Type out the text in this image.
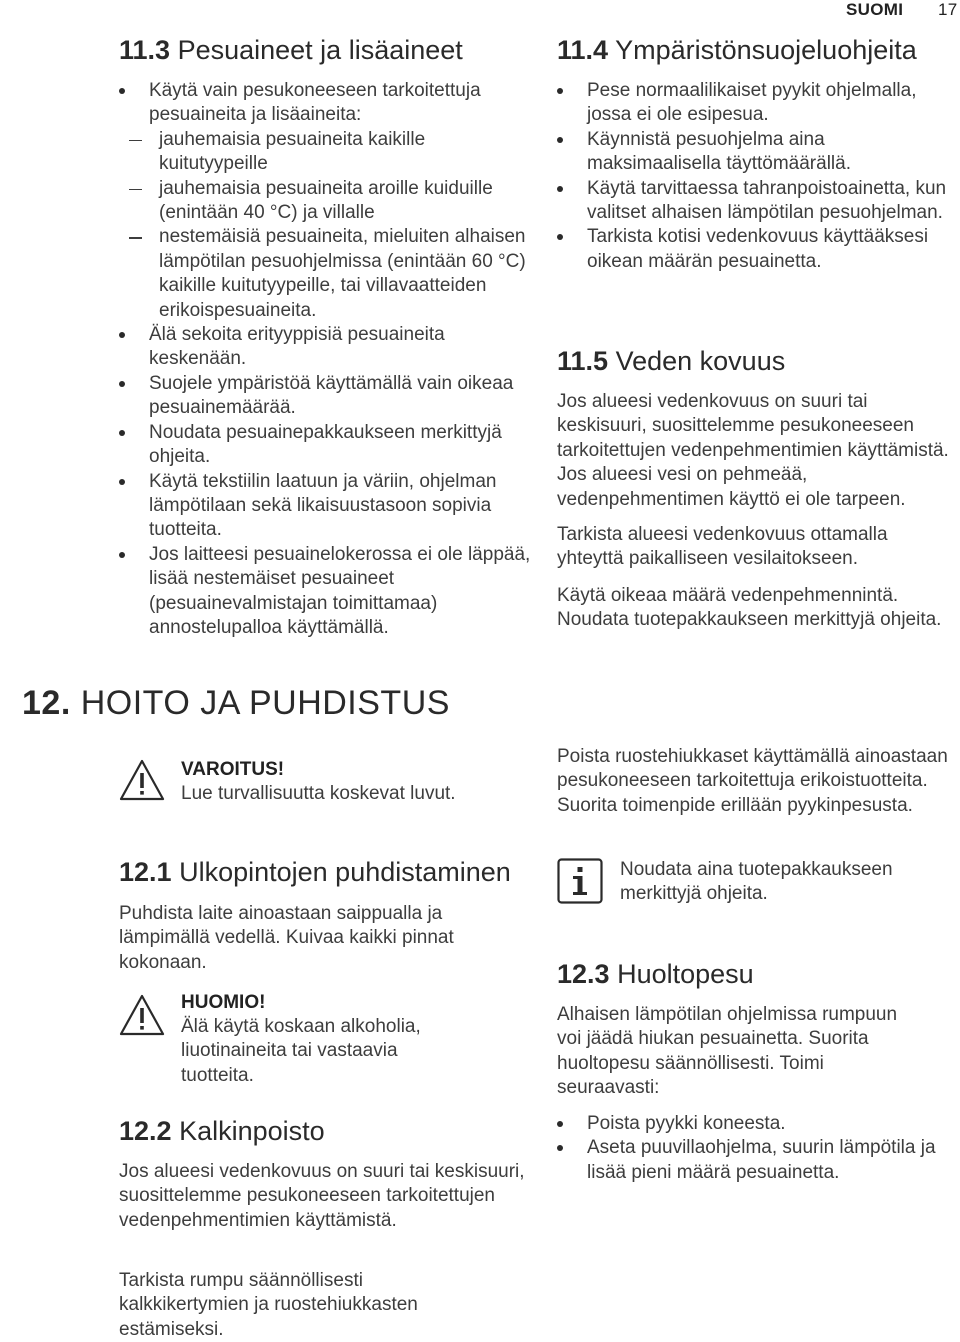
SUOMI 17
11.3 Pesuaineet ja lisäaineet
Käytä vain pesukoneeseen tarkoitettuja pesuaineita ja lisäaineita:
jauhemaisia pesuaineita kaikille kuitutyypeille
jauhemaisia pesuaineita aroille kuiduille (enintään 40 °C) ja villalle
nestemäisiä pesuaineita, mieluiten alhaisen lämpötilan pesuohjelmissa (enintään 60 °C) kaikille kuitutyypeille, tai villavaatteiden erikoispesuaineita.
Älä sekoita erityyppisiä pesuaineita keskenään.
Suojele ympäristöä käyttämällä vain oikeaa pesuainemäärää.
Noudata pesuainepakkaukseen merkittyjä ohjeita.
Käytä tekstiilin laatuun ja väriin, ohjelman lämpötilaan sekä likaisuustasoon sopivia tuotteita.
Jos laitteesi pesuainelokerossa ei ole läppää, lisää nestemäiset pesuaineet (pesuainevalmistajan toimittamaa) annostelupalloa käyttämällä.
12. HOITO JA PUHDISTUS
VAROITUS!
Lue turvallisuutta koskevat luvut.
12.1 Ulkopintojen puhdistaminen
Puhdista laite ainoastaan saippualla ja lämpimällä vedellä. Kuivaa kaikki pinnat kokonaan.
HUOMIO!
Älä käytä koskaan alkoholia, liuotinaineita tai vastaavia tuotteita.
12.2 Kalkinpoisto
Jos alueesi vedenkovuus on suuri tai keskisuuri, suosittelemme pesukoneeseen tarkoitettujen vedenpehmentimien käyttämistä.
Tarkista rumpu säännöllisesti kalkkikertymien ja ruostehiukkasten estämiseksi.
11.4 Ympäristönsuojeluohjeita
Pese normaalilikaiset pyykit ohjelmalla, jossa ei ole esipesua.
Käynnistä pesuohjelma aina maksimaalisella täyttömäärällä.
Käytä tarvittaessa tahranpoistoainetta, kun valitset alhaisen lämpötilan pesuohjelman.
Tarkista kotisi vedenkovuus käyttääksesi oikean määrän pesuainetta.
11.5 Veden kovuus
Jos alueesi vedenkovuus on suuri tai keskisuuri, suosittelemme pesukoneeseen tarkoitettujen vedenpehmentimien käyttämistä. Jos alueesi vesi on pehmeää, vedenpehmentimen käyttö ei ole tarpeen.
Tarkista alueesi vedenkovuus ottamalla yhteyttä paikalliseen vesilaitokseen.
Käytä oikeaa määrä vedenpehmennintä. Noudata tuotepakkaukseen merkittyjä ohjeita.
Poista ruostehiukkaset käyttämällä ainoastaan pesukoneeseen tarkoitettuja erikoistuotteita. Suorita toimenpide erillään pyykinpesusta.
Noudata aina tuotepakkaukseen merkittyjä ohjeita.
12.3 Huoltopesu
Alhaisen lämpötilan ohjelmissa rumpuun voi jäädä hiukan pesuainetta. Suorita huoltopesu säännöllisesti. Toimi seuraavasti:
Poista pyykki koneesta.
Aseta puuvillaohjelma, suurin lämpötila ja lisää pieni määrä pesuainetta.
